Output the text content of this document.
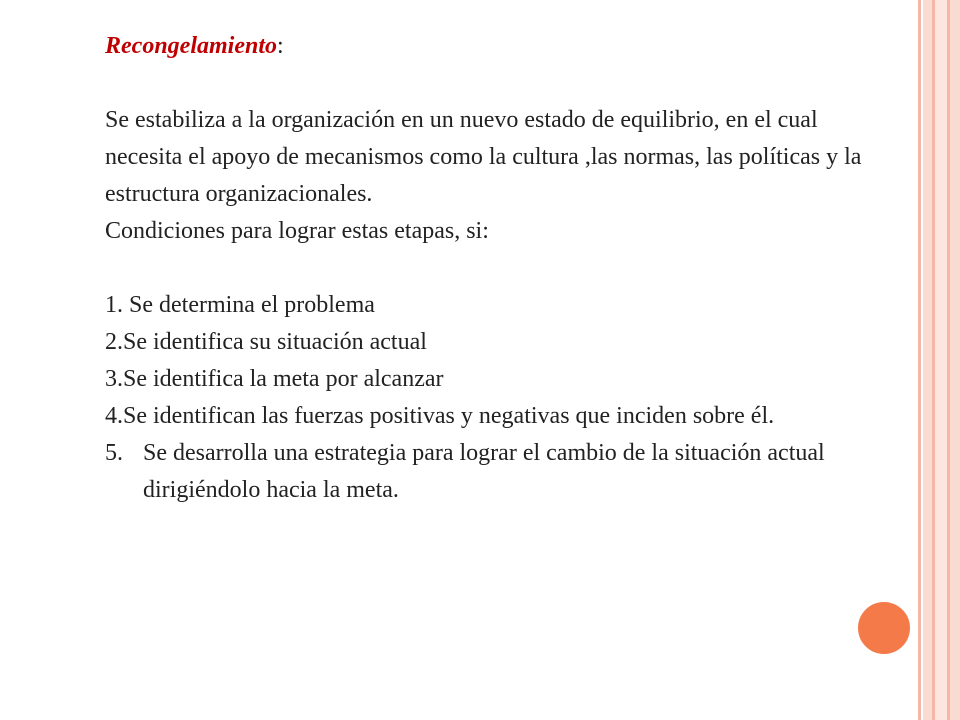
Recongelamiento:

Se estabiliza a la organización en un nuevo estado de equilibrio, en el cual necesita el apoyo de mecanismos como la cultura ,las normas, las políticas y la estructura organizacionales.

Condiciones para lograr estas etapas, si:

1. Se determina el problema
2.Se identifica su situación actual
3.Se identifica la meta por alcanzar
4.Se identifican las fuerzas positivas y negativas que inciden sobre él.
5. Se desarrolla una estrategia para lograr el cambio de la situación actual dirigiéndolo hacia la meta.
